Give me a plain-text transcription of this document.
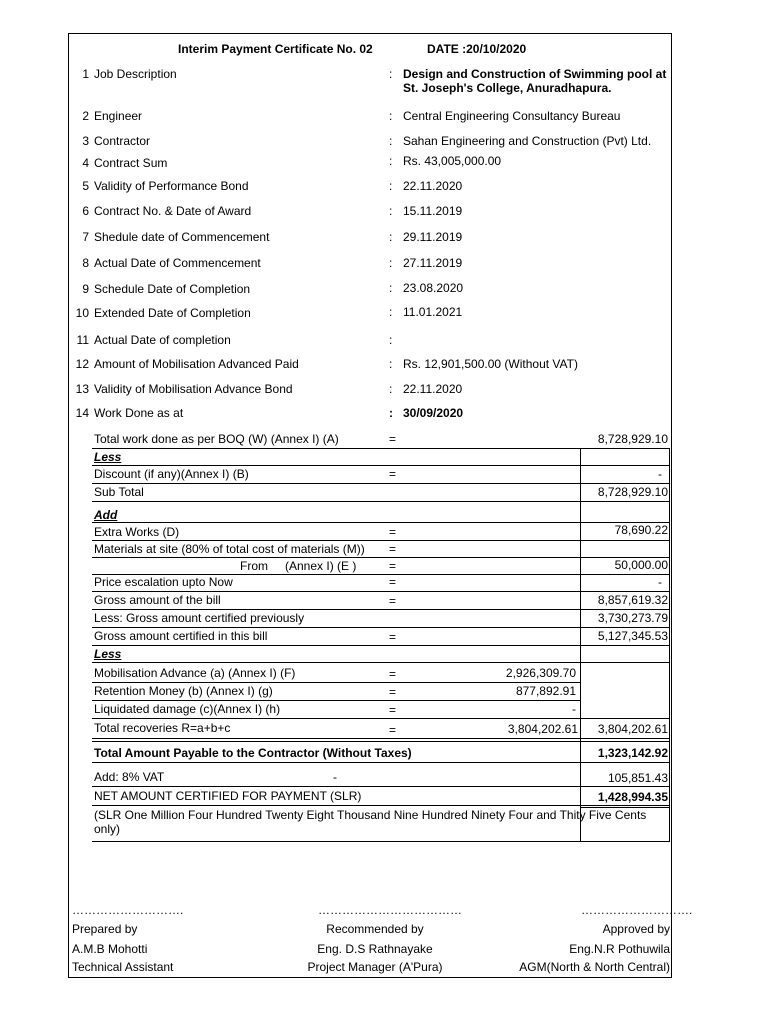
Interim Payment Certificate No. 02	DATE :20/10/2020
1 Job Description	: Design and Construction of Swimming pool at St. Joseph's College, Anuradhapura.
2 Engineer	: Central Engineering Consultancy Bureau
3 Contractor	: Sahan Engineering and Construction (Pvt) Ltd.
4 Contract Sum	: Rs. 43,005,000.00
5 Validity of Performance Bond	: 22.11.2020
6 Contract No. & Date of Award	: 15.11.2019
7 Shedule date of Commencement	: 29.11.2019
8 Actual Date of Commencement	: 27.11.2019
9 Schedule Date of Completion	: 23.08.2020
10 Extended Date of Completion	: 11.01.2021
11 Actual Date of completion	:
12 Amount of Mobilisation Advanced Paid	: Rs. 12,901,500.00 (Without VAT)
13 Validity of Mobilisation Advance Bond	: 22.11.2020
14 Work Done as at	: 30/09/2020
Total work done as per BOQ (W) (Annex I) (A)	=	8,728,929.10
Less
Discount (if any)(Annex I) (B)	=	-
Sub Total	8,728,929.10
Add
Extra Works (D)	=	78,690.22
Materials at site (80% of total cost of materials (M)) =
From (Annex I) (E )	=	50,000.00
Price escalation upto Now	=	-
Gross amount of the bill	=	8,857,619.32
Less: Gross amount certified previously	3,730,273.79
Gross amount certified in this bill	=	5,127,345.53
Less
Mobilisation Advance (a) (Annex I) (F)	=	2,926,309.70
Retention Money (b) (Annex I) (g)	=	877,892.91
Liquidated damage (c)(Annex I) (h)	=	-
Total recoveries R=a+b+c	=	3,804,202.61	3,804,202.61
Total Amount Payable to the Contractor (Without Taxes)	1,323,142.92
Add: 8% VAT	-	105,851.43
NET AMOUNT CERTIFIED FOR PAYMENT (SLR)	1,428,994.35
(SLR One Million Four Hundred Twenty Eight Thousand Nine Hundred Ninety Four and Thity Five Cents only)
……………………….	………………………………	……………………….
Prepared by	Recommended by	Approved by
A.M.B Mohotti	Eng. D.S Rathnayake	Eng.N.R Pothuwila
Technical Assistant	Project Manager (A'Pura)	AGM(North & North Central)
